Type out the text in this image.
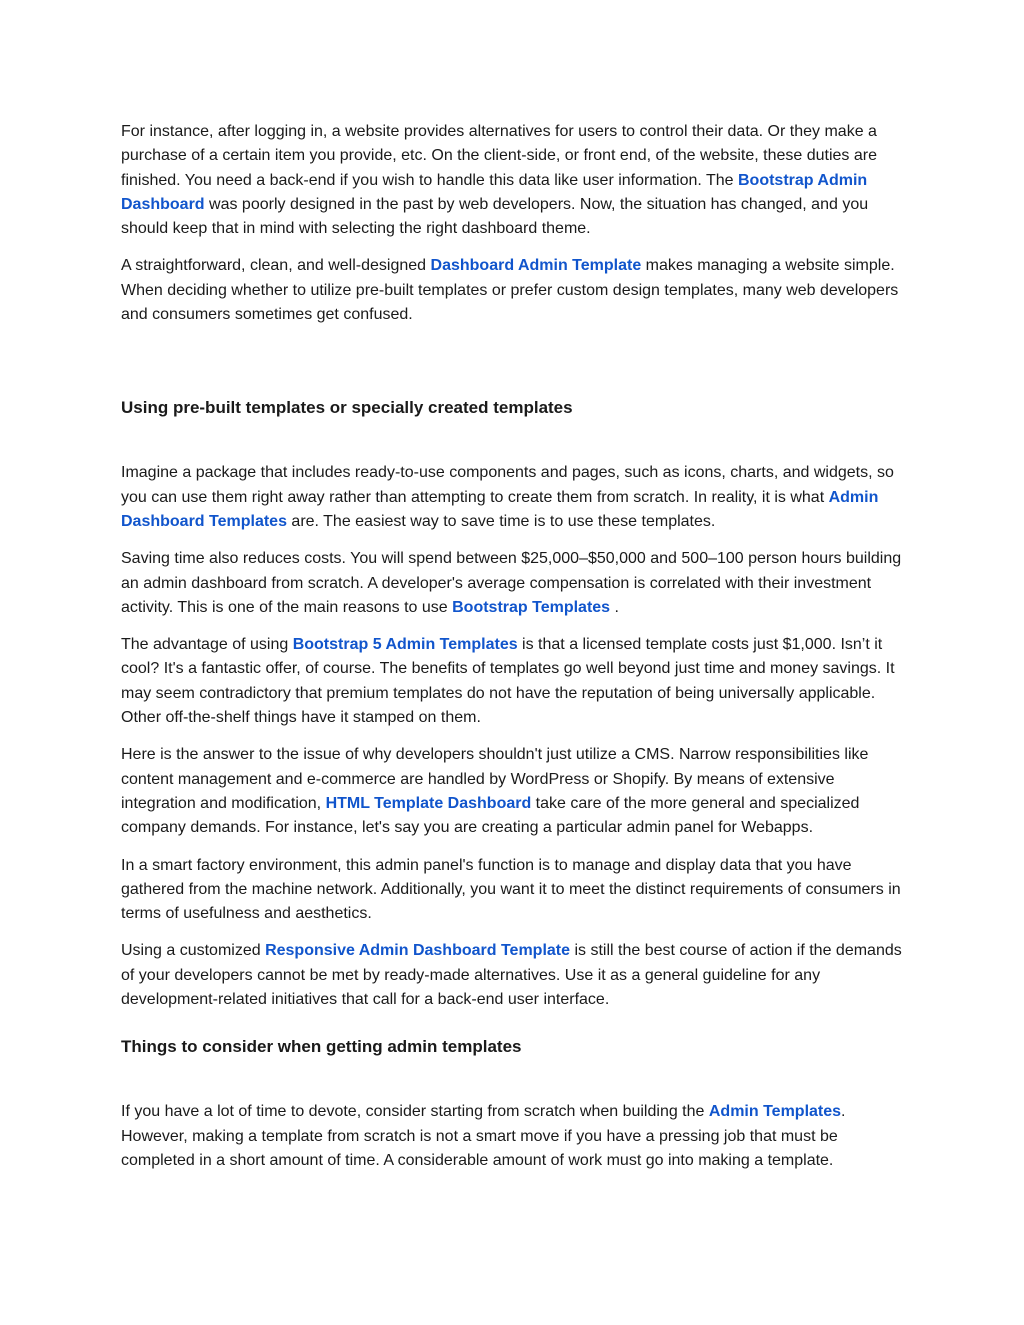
For instance, after logging in, a website provides alternatives for users to control their data. Or they make a purchase of a certain item you provide, etc. On the client-side, or front end, of the website, these duties are finished. You need a back-end if you wish to handle this data like user information. The Bootstrap Admin Dashboard was poorly designed in the past by web developers. Now, the situation has changed, and you should keep that in mind with selecting the right dashboard theme.

A straightforward, clean, and well-designed Dashboard Admin Template makes managing a website simple. When deciding whether to utilize pre-built templates or prefer custom design templates, many web developers and consumers sometimes get confused.

Using pre-built templates or specially created templates

Imagine a package that includes ready-to-use components and pages, such as icons, charts, and widgets, so you can use them right away rather than attempting to create them from scratch. In reality, it is what Admin Dashboard Templates are. The easiest way to save time is to use these templates.

Saving time also reduces costs. You will spend between $25,000–$50,000 and 500–100 person hours building an admin dashboard from scratch. A developer's average compensation is correlated with their investment activity. This is one of the main reasons to use Bootstrap Templates .

The advantage of using Bootstrap 5 Admin Templates is that a licensed template costs just $1,000. Isn’t it cool? It's a fantastic offer, of course. The benefits of templates go well beyond just time and money savings. It may seem contradictory that premium templates do not have the reputation of being universally applicable. Other off-the-shelf things have it stamped on them.

Here is the answer to the issue of why developers shouldn't just utilize a CMS. Narrow responsibilities like content management and e-commerce are handled by WordPress or Shopify. By means of extensive integration and modification, HTML Template Dashboard take care of the more general and specialized company demands. For instance, let's say you are creating a particular admin panel for Webapps.

In a smart factory environment, this admin panel's function is to manage and display data that you have gathered from the machine network. Additionally, you want it to meet the distinct requirements of consumers in terms of usefulness and aesthetics.

Using a customized Responsive Admin Dashboard Template is still the best course of action if the demands of your developers cannot be met by ready-made alternatives. Use it as a general guideline for any development-related initiatives that call for a back-end user interface.

Things to consider when getting admin templates

If you have a lot of time to devote, consider starting from scratch when building the Admin Templates. However, making a template from scratch is not a smart move if you have a pressing job that must be completed in a short amount of time. A considerable amount of work must go into making a template.
